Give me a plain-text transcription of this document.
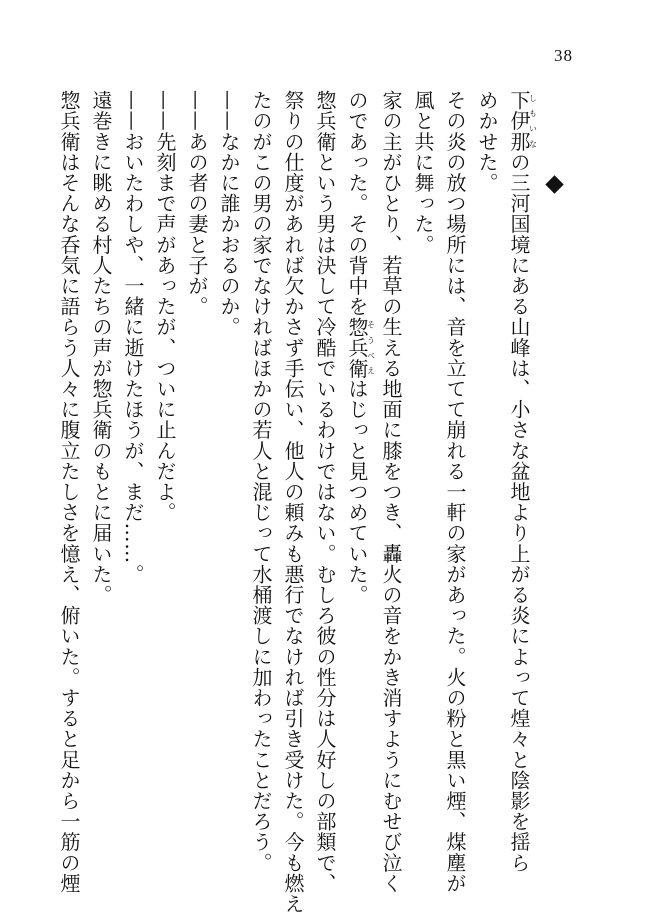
38
下伊那しもいなの三河国境にある山峰は、小さな盆地より上がる炎によって煌々と陰影を揺ら
めかせた。
その炎の放つ場所には、音を立てて崩れる一軒の家があった。火の粉と黒い煙、煤塵が
風と共に舞った。
家の主がひとり、若草の生える地面に膝をつき、轟火の音をかき消すようにむせび泣く
のであった。その背中を惣兵衛そうべえはじっと見つめていた。
惣兵衛という男は決して冷酷でいるわけではない。むしろ彼の性分は人好しの部類で、
祭りの仕度があれば欠かさず手伝い、他人の頼みも悪行でなければ引き受けた。今も燃え
たのがこの男の家でなければほかの若人と混じって水桶渡しに加わったことだろう。
——なかに誰かおるのか。
——あの者の妻と子が。
——先刻まで声があったが、ついに止んだよ。
——おいたわしや、一緒に逝けたほうが、まだ……。
遠巻きに眺める村人たちの声が惣兵衛のもとに届いた。
惣兵衛はそんな呑気に語らう人々に腹立たしさを憶え、俯いた。すると足から一筋の煙
